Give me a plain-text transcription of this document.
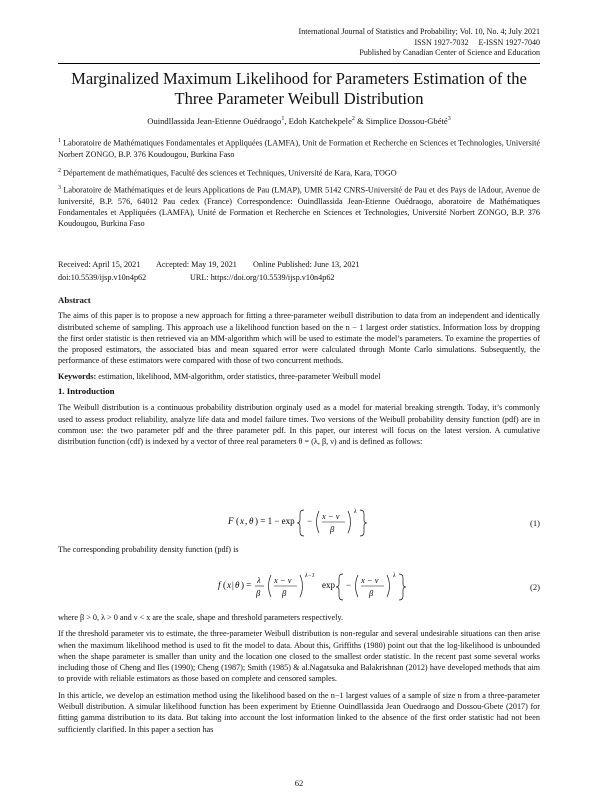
International Journal of Statistics and Probability; Vol. 10, No. 4; July 2021
ISSN 1927-7032     E-ISSN 1927-7040
Published by Canadian Center of Science and Education
Marginalized Maximum Likelihood for Parameters Estimation of the
Three Parameter Weibull Distribution
Ouindllassida Jean-Etienne Ouédraogo$^1$, Edoh Katchekpele$^2$ & Simplice Dossou-Gbété$^3$
$^1$ Laboratoire de Mathématiques Fondamentales et Appliquées (LAMFA), Unit de Formation et Recherche en Sciences et Technologies, Université Norbert ZONGO, B.P. 376 Koudougou, Burkina Faso
$^2$ Département de mathématiques, Faculté des sciences et Techniques, Université de Kara, Kara, TOGO
$^3$ Laboratoire de Mathématiques et de leurs Applications de Pau (LMAP), UMR 5142 CNRS-Université de Pau et des Pays de lAdour, Avenue de luniversité, B.P. 576, 64012 Pau cedex (France) Correspondence: Ouindllassida Jean-Etienne Ouédraogo, aboratoire de Mathématiques Fondamentales et Appliquées (LAMFA), Unité de Formation et Recherche en Sciences et Technologies, Université Norbert ZONGO, B.P. 376 Koudougou, Burkina Faso
Received: April 15, 2021 Accepted: May 19, 2021 Online Published: June 13, 2021
doi:10.5539/ijsp.v10n4p62	URL: https://doi.org/10.5539/ijsp.v10n4p62
Abstract

The aims of this paper is to propose a new approach for fitting a three-parameter weibull distribution to data from an independent and identically distributed scheme of sampling. This approach use a likelihood function based on the n − 1 largest order statistics. Information loss by dropping the first order statistic is then retrieved via an MM-algorithm which will be used to estimate the model’s parameters. To examine the properties of the proposed estimators, the associated bias and mean squared error were calculated through Monte Carlo simulations. Subsequently, the performance of these estimators were compared with those of two concurrent methods.

Keywords: estimation, likelihood, MM-algorithm, order statistics, three-parameter Weibull model

1. Introduction

The Weibull distribution is a continuous probability distribution orginaly used as a model for material breaking strength. Today, it’s commonly used to assess product reliability, analyze life data and model failure times. Two versions of the Weibull probability density function (pdf) are in common use: the two parameter pdf and the three parameter pdf. In this paper, our interest will focus on the latest version. A cumulative distribution function (cdf) is indexed by a vector of three real parameters θ = (λ, β, ν) and is defined as follows:

F ( x , θ ) = 1 − exp − x − ν
β
λ
(1)

The corresponding probability density function (pdf) is

f ( x | θ ) = λ
β
x − ν
β
λ−1
exp − x − ν
β
λ
(2)

where β > 0, λ > 0 and ν < x are the scale, shape and threshold parameters respectively.

If the threshold parameter νis to estimate, the three-parameter Weibull distribution is non-regular and several undesirable situations can then arise when the maximum likelihood method is used to fit the model to data. About this, Griffiths (1980) point out that the log-likelihood is unbounded when the shape parameter is smaller than unity and the location one closed to the smallest order statistic. In the recent past some several works including those of Cheng and Iles (1990); Cheng (1987); Smith (1985) & al.Nagatsuka and Balakrishnan (2012) have developed methods that aim to provide with reliable estimators as those based on complete and censored samples.

In this article, we develop an estimation method using the likelihood based on the n−1 largest values of a sample of size n from a three-parameter Weibull distribution. A simular likelihood function has been experiment by Etienne Ouindllassida Jean Ouedraogo and Dossou-Gbete (2017) for fitting gamma distribution to its data. But taking into account the lost information linked to the absence of the first order statistic had not been sufficiently clarified. In this paper a section has

62
